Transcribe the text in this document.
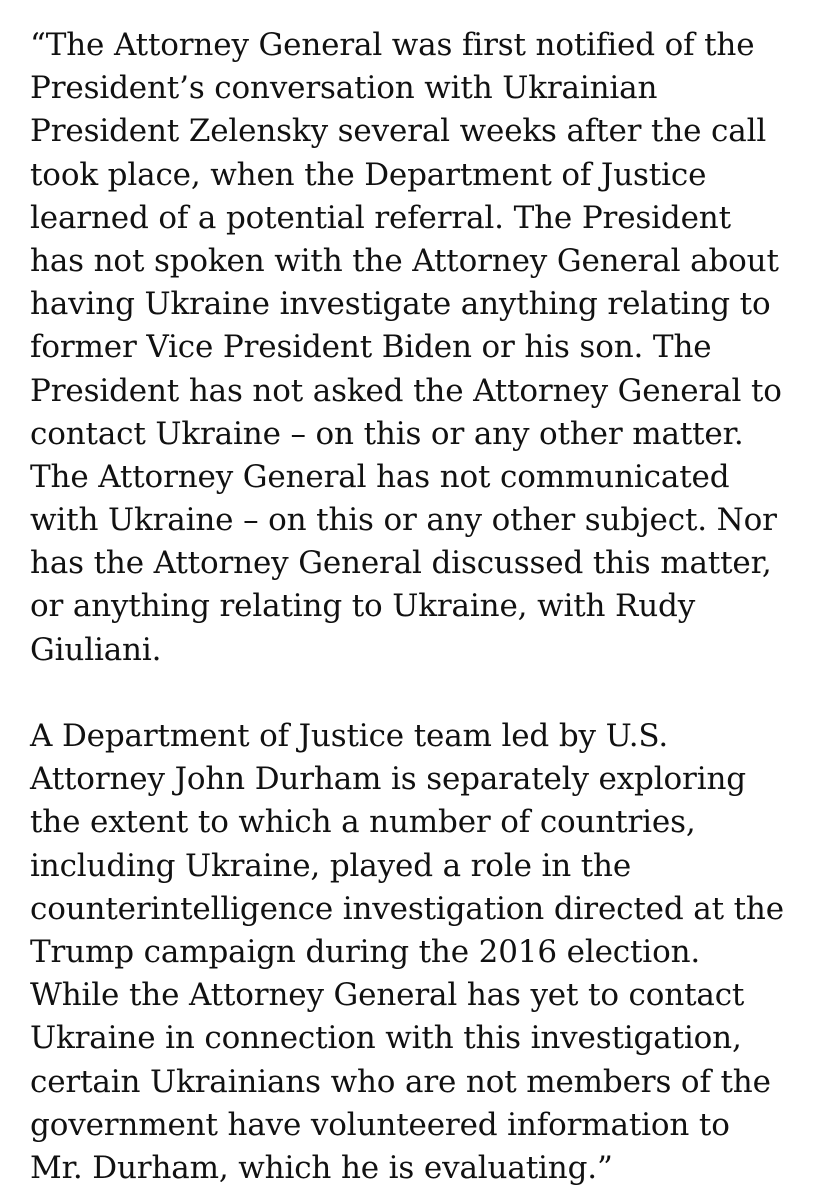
“The Attorney General was first notified of the
President’s conversation with Ukrainian
President Zelensky several weeks after the call
took place, when the Department of Justice
learned of a potential referral. The President
has not spoken with the Attorney General about
having Ukraine investigate anything relating to
former Vice President Biden or his son. The
President has not asked the Attorney General to
contact Ukraine – on this or any other matter.
The Attorney General has not communicated
with Ukraine – on this or any other subject. Nor
has the Attorney General discussed this matter,
or anything relating to Ukraine, with Rudy
Giuliani.

A Department of Justice team led by U.S.
Attorney John Durham is separately exploring
the extent to which a number of countries,
including Ukraine, played a role in the
counterintelligence investigation directed at the
Trump campaign during the 2016 election.
While the Attorney General has yet to contact
Ukraine in connection with this investigation,
certain Ukrainians who are not members of the
government have volunteered information to
Mr. Durham, which he is evaluating.”
